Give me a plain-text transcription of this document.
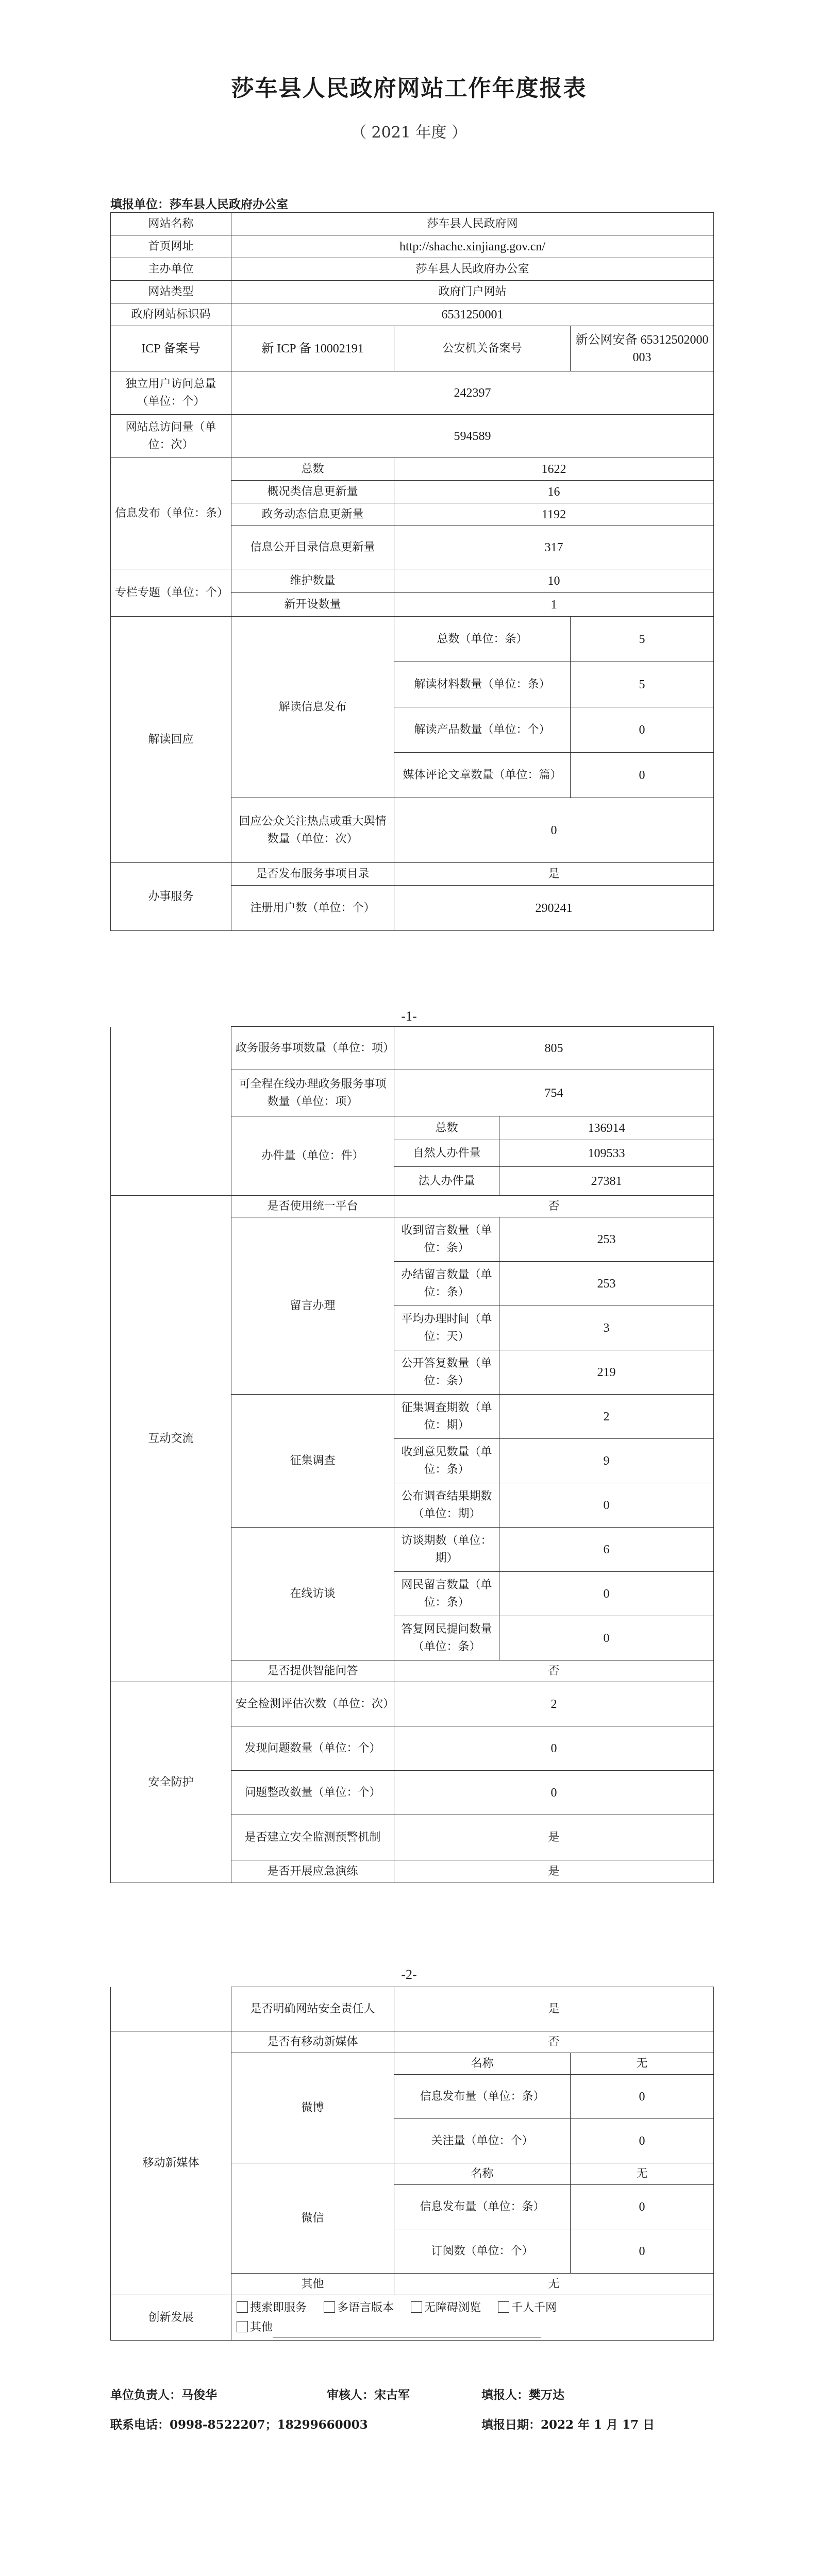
莎车县人民政府网站工作年度报表
（ 2021 年度 ）
填报单位：莎车县人民政府办公室
网站名称	莎车县人民政府网		
首页网址	http://shache.xinjiang.gov.cn/		
主办单位	莎车县人民政府办公室		
网站类型	政府门户网站		
政府网站标识码	6531250001		
ICP 备案号	新 ICP 备 10002191	公安机关备案号	新公网安备 65312502000003
独立用户访问总量（单位：个）	242397		
网站总访问量（单位：次）	594589		
信息发布（单位：条）	总数	1622	
	概况类信息更新量	16	
	政务动态信息更新量	1192	
	信息公开目录信息更新量	317	
专栏专题（单位：个）	维护数量	10	
	新开设数量	1	
解读回应	解读信息发布	总数（单位：条）	5
		解读材料数量（单位：条）	5
		解读产品数量（单位：个）	0
		媒体评论文章数量（单位：篇）	0
	回应公众关注热点或重大舆情数量（单位：次）	0	
办事服务	是否发布服务事项目录	是	
	注册用户数（单位：个）	290241	
-1-
	政务服务事项数量（单位：项）	805	
	可全程在线办理政务服务事项数量（单位：项）	754	
	办件量（单位：件）	总数	136914
		自然人办件量	109533
		法人办件量	27381
互动交流	是否使用统一平台	否	
	留言办理	收到留言数量（单位：条）	253
		办结留言数量（单位：条）	253
		平均办理时间（单位：天）	3
		公开答复数量（单位：条）	219
	征集调查	征集调查期数（单位：期）	2
		收到意见数量（单位：条）	9
		公布调查结果期数（单位：期）	0
	在线访谈	访谈期数（单位：期）	6
		网民留言数量（单位：条）	0
		答复网民提问数量（单位：条）	0
	是否提供智能问答	否	
安全防护	安全检测评估次数（单位：次）	2	
	发现问题数量（单位：个）	0	
	问题整改数量（单位：个）	0	
	是否建立安全监测预警机制	是	
	是否开展应急演练	是	
-2-
	是否明确网站安全责任人	是	
移动新媒体	是否有移动新媒体	否	
	微博	名称	无
		信息发布量（单位：条）	0
		关注量（单位：个）	0
	微信	名称	无
		信息发布量（单位：条）	0
		订阅数（单位：个）	0
	其他	无	
创新发展	搜索即服务 多语言版本 无障碍浏览 千人千网
其他		
单位负责人：马俊华	审核人：宋古军	填报人：樊万达
联系电话：0998-8522207；18299660003	填报日期：2022 年 1 月 17 日
